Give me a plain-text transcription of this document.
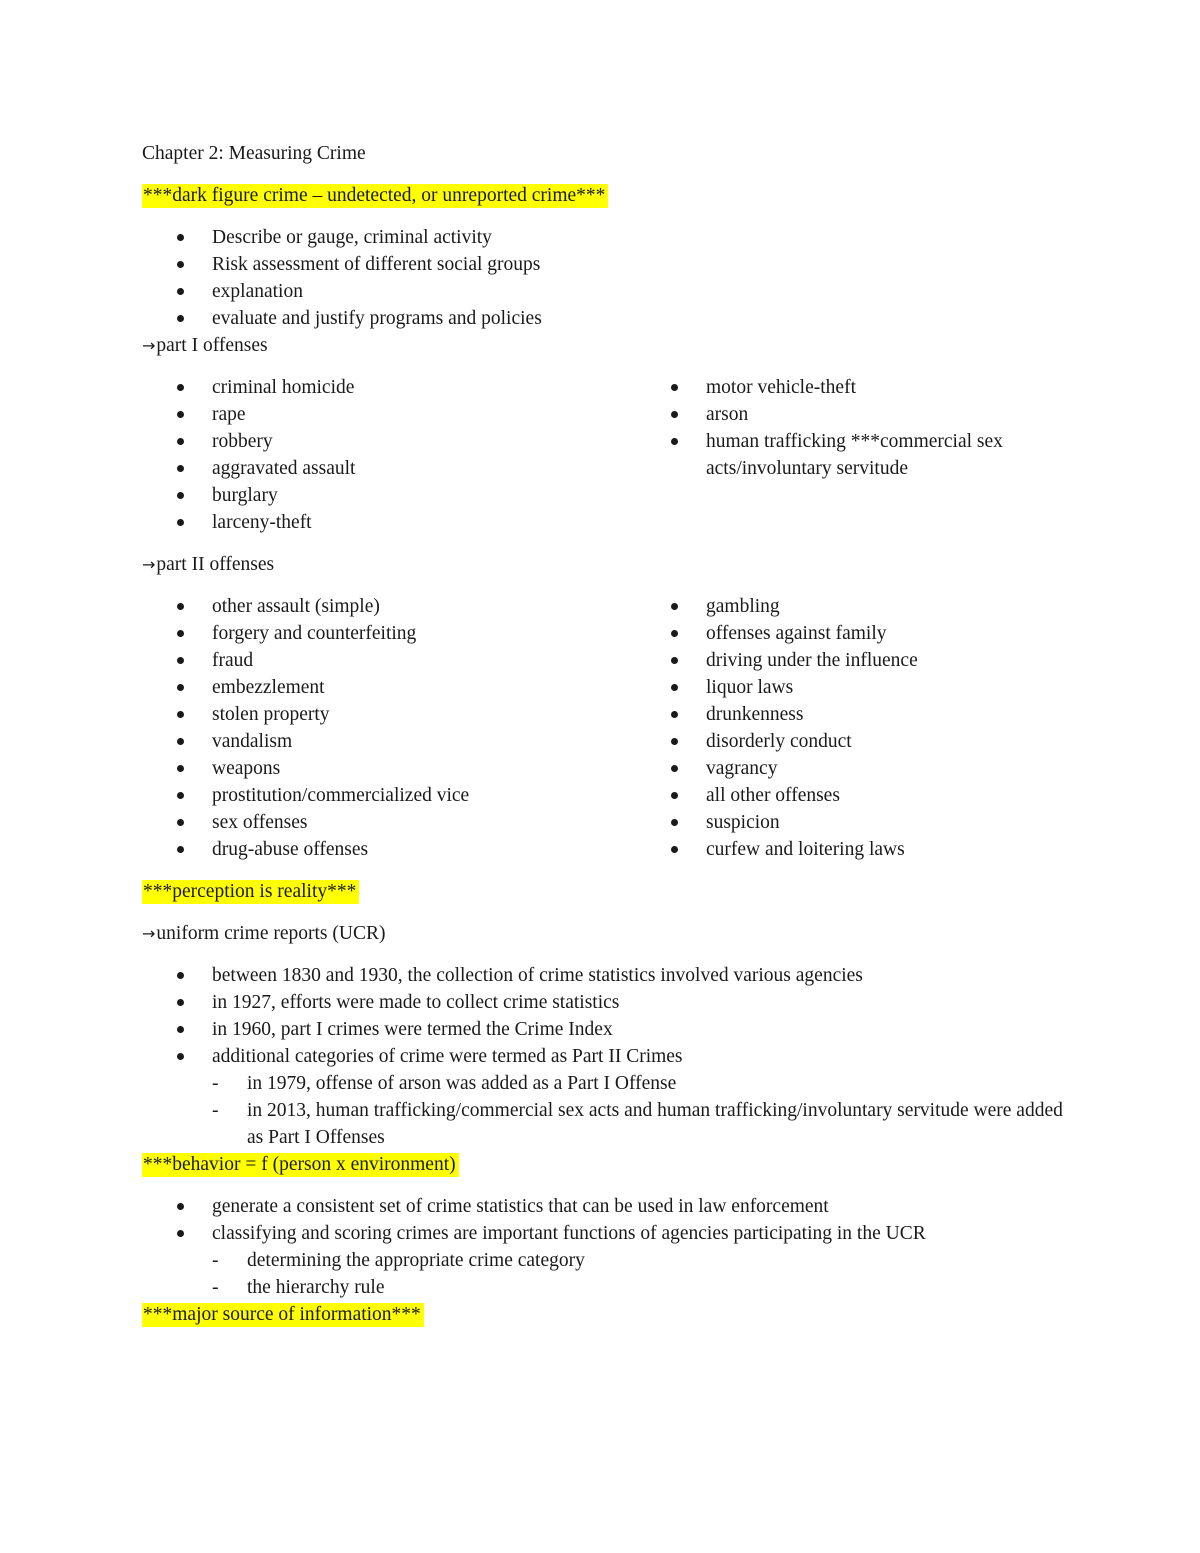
Chapter 2: Measuring Crime
***dark figure crime – undetected, or unreported crime***
Describe or gauge, criminal activity
Risk assessment of different social groups
explanation
evaluate and justify programs and policies
→part I offenses
criminal homicide
rape
robbery
aggravated assault
burglary
larceny-theft
motor vehicle-theft
arson
human trafficking ***commercial sex acts/involuntary servitude
→part II offenses
other assault (simple)
forgery and counterfeiting
fraud
embezzlement
stolen property
vandalism
weapons
prostitution/commercialized vice
sex offenses
drug-abuse offenses
gambling
offenses against family
driving under the influence
liquor laws
drunkenness
disorderly conduct
vagrancy
all other offenses
suspicion
curfew and loitering laws
***perception is reality***
→uniform crime reports (UCR)
between 1830 and 1930, the collection of crime statistics involved various agencies
in 1927, efforts were made to collect crime statistics
in 1960, part I crimes were termed the Crime Index
additional categories of crime were termed as Part II Crimes
- in 1979, offense of arson was added as a Part I Offense
- in 2013, human trafficking/commercial sex acts and human trafficking/involuntary servitude were added as Part I Offenses
***behavior = f (person x environment)
generate a consistent set of crime statistics that can be used in law enforcement
classifying and scoring crimes are important functions of agencies participating in the UCR
- determining the appropriate crime category
- the hierarchy rule
***major source of information***
